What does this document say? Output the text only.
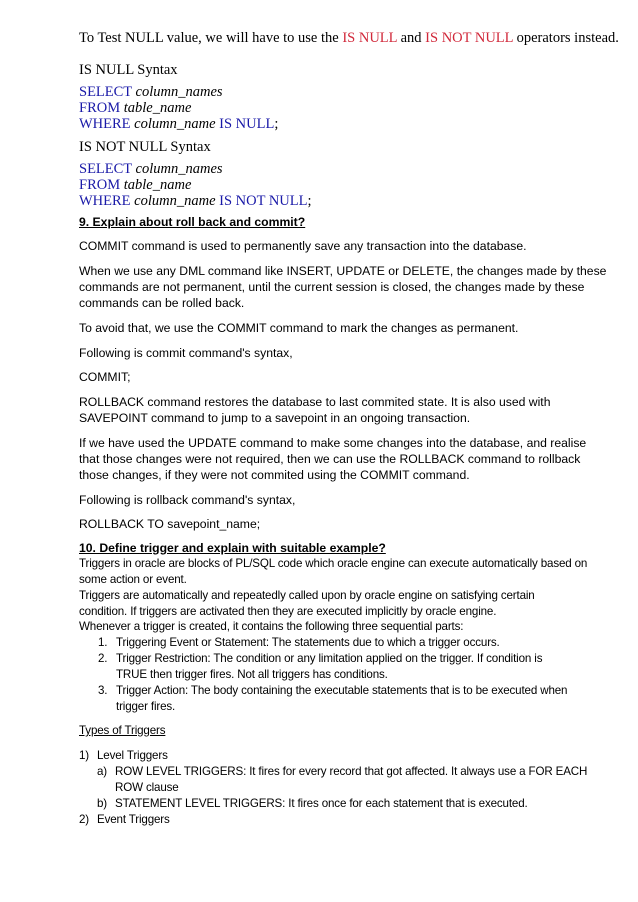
To Test NULL value, we will have to use the IS NULL and IS NOT NULL operators instead.
IS NULL Syntax
SELECT column_names
FROM table_name
WHERE column_name IS NULL;
IS NOT NULL Syntax
SELECT column_names
FROM table_name
WHERE column_name IS NOT NULL;
9. Explain about roll back and commit?
COMMIT command is used to permanently save any transaction into the database.
When we use any DML command like INSERT, UPDATE or DELETE, the changes made by these
commands are not permanent, until the current session is closed, the changes made by these
commands can be rolled back.
To avoid that, we use the COMMIT command to mark the changes as permanent.
Following is commit command's syntax,
COMMIT;
ROLLBACK command restores the database to last commited state. It is also used with
SAVEPOINT command to jump to a savepoint in an ongoing transaction.
If we have used the UPDATE command to make some changes into the database, and realise
that those changes were not required, then we can use the ROLLBACK command to rollback
those changes, if they were not commited using the COMMIT command.
Following is rollback command's syntax,
ROLLBACK TO savepoint_name;
10. Define trigger and explain with suitable example?
Triggers in oracle are blocks of PL/SQL code which oracle engine can execute automatically based on
some action or event.
Triggers are automatically and repeatedly called upon by oracle engine on satisfying certain
condition. If triggers are activated then they are executed implicitly by oracle engine.
Whenever a trigger is created, it contains the following three sequential parts:
1. Triggering Event or Statement: The statements due to which a trigger occurs.
2. Trigger Restriction: The condition or any limitation applied on the trigger. If condition is
TRUE then trigger fires. Not all triggers has conditions.
3. Trigger Action: The body containing the executable statements that is to be executed when
trigger fires.
Types of Triggers
1) Level Triggers
a) ROW LEVEL TRIGGERS: It fires for every record that got affected. It always use a FOR EACH
ROW clause
b) STATEMENT LEVEL TRIGGERS: It fires once for each statement that is executed.
2) Event Triggers
